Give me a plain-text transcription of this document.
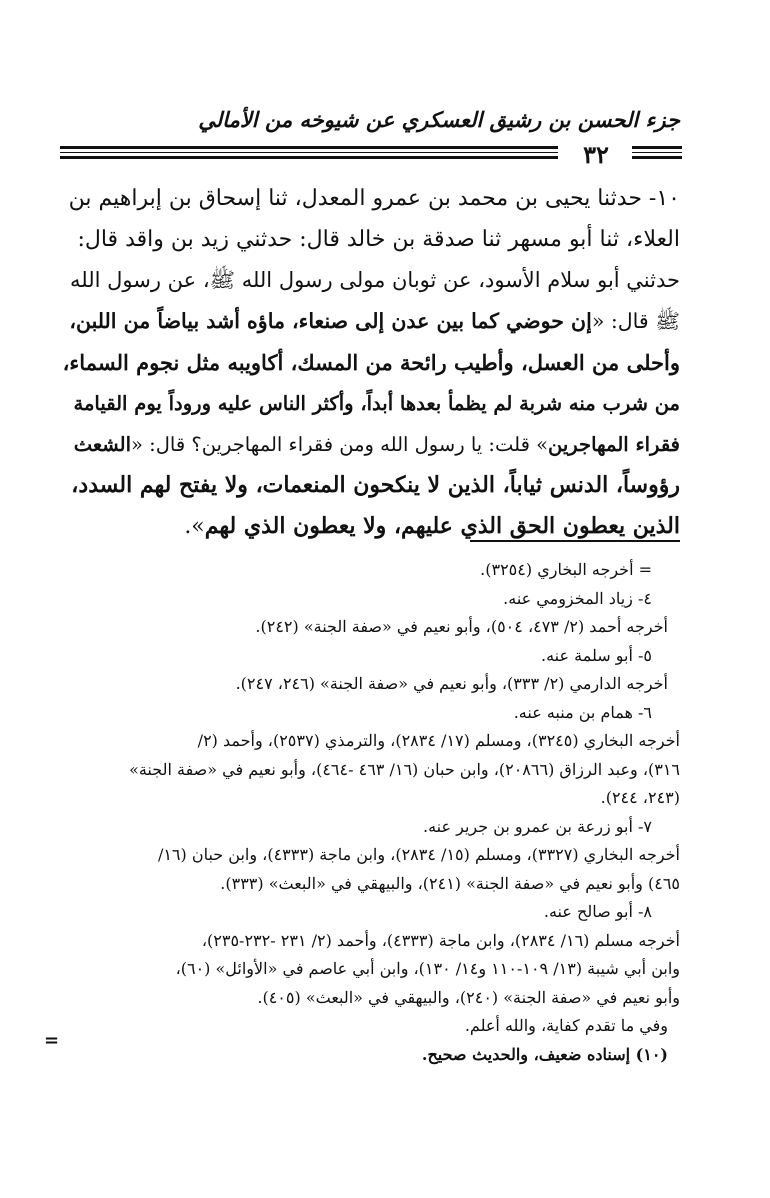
جزء الحسن بن رشيق العسكري عن شيوخه من الأمالي
٣٢
١٠- حدثنا يحيى بن محمد بن عمرو المعدل، ثنا إسحاق بن إبراهيم بن
العلاء، ثنا أبو مسهر ثنا صدقة بن خالد قال: حدثني زيد بن واقد قال:
حدثني أبو سلام الأسود، عن ثوبان مولى رسول الله ﷺ، عن رسول الله
ﷺ قال: «إن حوضي كما بين عدن إلى صنعاء، ماؤه أشد بياضاً من اللبن،
وأحلى من العسل، وأطيب رائحة من المسك، أكاويبه مثل نجوم السماء،
من شرب منه شربة لم يظمأ بعدها أبداً، وأكثر الناس عليه وروداً يوم القيامة
فقراء المهاجرين» قلت: يا رسول الله ومن فقراء المهاجرين؟ قال: «الشعث
رؤوساً، الدنس ثياباً، الذين لا ينكحون المنعمات، ولا يفتح لهم السدد،
الذين يعطون الحق الذي عليهم، ولا يعطون الذي لهم».
= أخرجه البخاري (٣٢٥٤).
٤- زياد المخزومي عنه.
أخرجه أحمد (٢/ ٤٧٣، ٥٠٤)، وأبو نعيم في «صفة الجنة» (٢٤٢).
٥- أبو سلمة عنه.
أخرجه الدارمي (٢/ ٣٣٣)، وأبو نعيم في «صفة الجنة» (٢٤٦، ٢٤٧).
٦- همام بن منبه عنه.
أخرجه البخاري (٣٢٤٥)، ومسلم (١٧/ ٢٨٣٤)، والترمذي (٢٥٣٧)، وأحمد (٢/
٣١٦)، وعبد الرزاق (٢٠٨٦٦)، وابن حبان (١٦/ ٤٦٣ -٤٦٤)، وأبو نعيم في «صفة الجنة»
(٢٤٣، ٢٤٤).
٧- أبو زرعة بن عمرو بن جرير عنه.
أخرجه البخاري (٣٣٢٧)، ومسلم (١٥/ ٢٨٣٤)، وابن ماجة (٤٣٣٣)، وابن حبان (١٦/
٤٦٥) وأبو نعيم في «صفة الجنة» (٢٤١)، والبيهقي في «البعث» (٣٣٣).
٨- أبو صالح عنه.
أخرجه مسلم (١٦/ ٢٨٣٤)، وابن ماجة (٤٣٣٣)، وأحمد (٢/ ٢٣١ -٢٣٢-٢٣٥)،
وابن أبي شيبة (١٣/ ١٠٩-١١٠ و١٤/ ١٣٠)، وابن أبي عاصم في «الأوائل» (٦٠)،
وأبو نعيم في «صفة الجنة» (٢٤٠)، والبيهقي في «البعث» (٤٠٥).
وفي ما تقدم كفاية، والله أعلم.
(١٠) إسناده ضعيف، والحديث صحيح.
=
